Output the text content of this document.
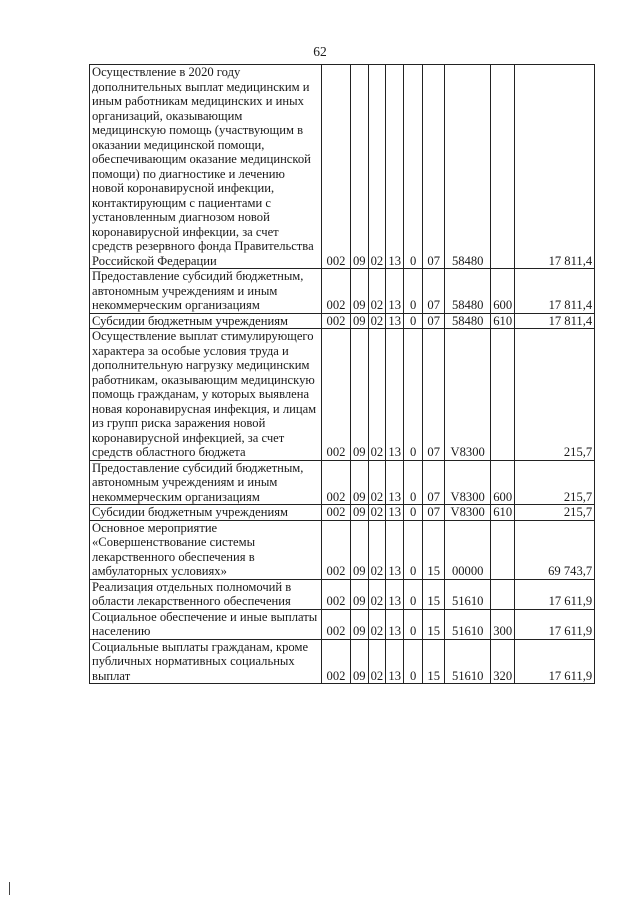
62
Осуществление в 2020 году дополнительных выплат медицинским и иным работникам медицинских и иных организаций, оказывающим медицинскую помощь (участвующим в оказании медицинской помощи, обеспечивающим оказание медицинской помощи) по диагностике и лечению новой коронавирусной инфекции, контактирующим с пациентами с установленным диагнозом новой коронавирусной инфекции, за счет средств резервного фонда Правительства Российской Федерации	002	09	02	13	0	07	58480		17 811,4
Предоставление субсидий бюджетным, автономным учреждениям и иным некоммерческим организациям	002	09	02	13	0	07	58480	600	17 811,4
Субсидии бюджетным учреждениям	002	09	02	13	0	07	58480	610	17 811,4
Осуществление выплат стимулирующего характера за особые условия труда и дополнительную нагрузку медицинским работникам, оказывающим медицинскую помощь гражданам, у которых выявлена новая коронавирусная инфекция, и лицам из групп риска заражения новой коронавирусной инфекцией, за счет средств областного бюджета	002	09	02	13	0	07	V8300		215,7
Предоставление субсидий бюджетным, автономным учреждениям и иным некоммерческим организациям	002	09	02	13	0	07	V8300	600	215,7
Субсидии бюджетным учреждениям	002	09	02	13	0	07	V8300	610	215,7
Основное мероприятие «Совершенствование системы лекарственного обеспечения в амбулаторных условиях»	002	09	02	13	0	15	00000		69 743,7
Реализация отдельных полномочий в области лекарственного обеспечения	002	09	02	13	0	15	51610		17 611,9
Социальное обеспечение и иные выплаты населению	002	09	02	13	0	15	51610	300	17 611,9
Социальные выплаты гражданам, кроме публичных нормативных социальных выплат	002	09	02	13	0	15	51610	320	17 611,9
